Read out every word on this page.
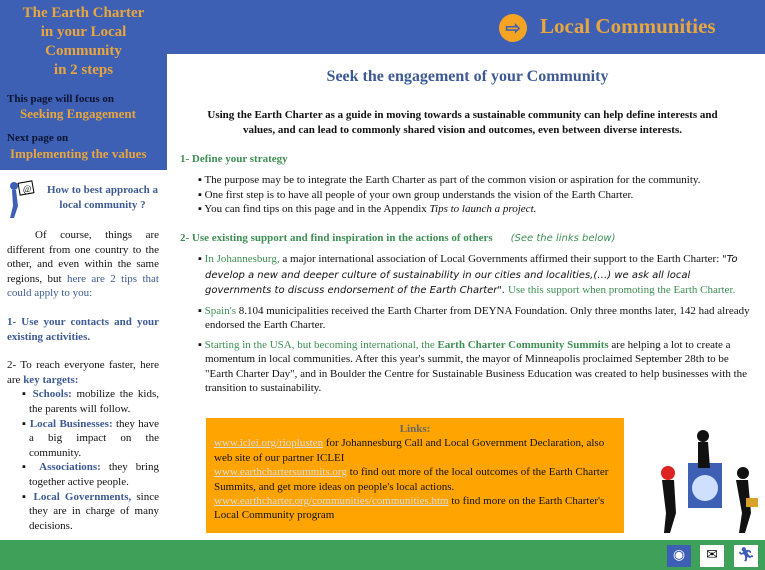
The Earth Charter
in your Local
Community
in 2 steps
This page will focus on
Seeking Engagement
Next page on
Implementing the values
⇨ Local Communities
@	How to best approach a local community ?

Of course, things are different from one country to the other, and even within the same regions, but here are 2 tips that could apply to you:

1- Use your contacts and your existing activities.

2- To reach everyone faster, here are key targets:

▪ Schools: mobilize the kids, the parents will follow.

▪ Local Businesses: they have a big impact on the community.

▪ Associations: they bring together active people.

▪ Local Governments, since they are in charge of many decisions.

Seek the engagement of your Community
Using the Earth Charter as a guide in moving towards a sustainable community can help define interests and values, and can lead to commonly shared vision and outcomes, even between diverse interests.
1- Define your strategy

▪ The purpose may be to integrate the Earth Charter as part of the common vision or aspiration for the community.

▪ One first step is to have all people of your own group understands the vision of the Earth Charter.

▪ You can find tips on this page and in the Appendix Tips to launch a project.

2- Use existing support and find inspiration in the actions of others (See the links below)

▪ In Johannesburg, a major international association of Local Governments affirmed their support to the Earth Charter: "To develop a new and deeper culture of sustainability in our cities and localities,(…) we ask all local governments to discuss endorsement of the Earth Charter". Use this support when promoting the Earth Charter.

▪ Spain's 8.104 municipalities received the Earth Charter from DEYNA Foundation. Only three months later, 142 had already endorsed the Earth Charter.

▪ Starting in the USA, but becoming international, the Earth Charter Community Summits are helping a lot to create a momentum in local communities. After this year's summit, the mayor of Minneapolis proclaimed September 28th to be "Earth Charter Day", and in Boulder the Centre for Sustainable Business Education was created to help businesses with the transition to sustainability.

Links:
www.iclei.org/rioplusten for Johannesburg Call and Local Government Declaration, also web site of our partner ICLEI
www.earthchartersummits.org to find out more of the local outcomes of the Earth Charter Summits, and get more ideas on people's local actions.
www.earthcharter.org/communities/communities.htm to find more on the Earth Charter's Local Community program
◉	✉	🏃︎
